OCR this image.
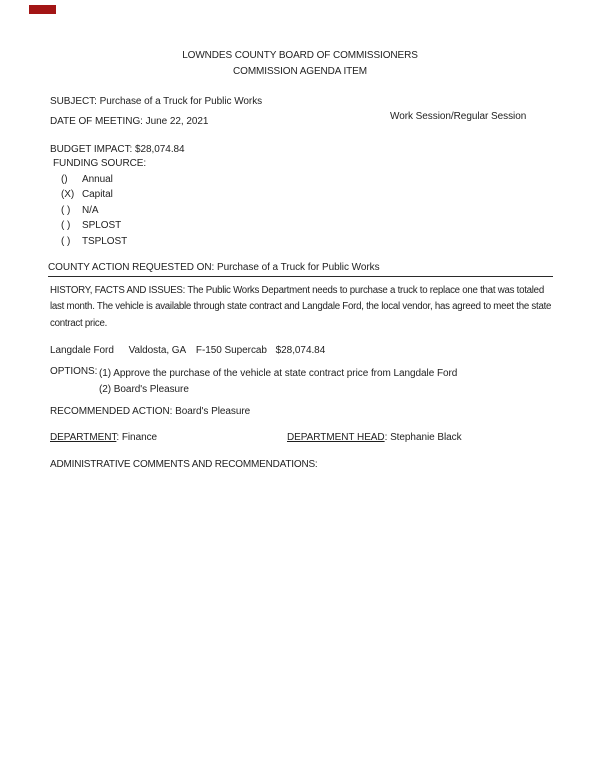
LOWNDES COUNTY BOARD OF COMMISSIONERS
COMMISSION AGENDA ITEM
SUBJECT: Purchase of a Truck for Public Works
DATE OF MEETING: June 22, 2021	Work Session/Regular Session
BUDGET IMPACT: $28,074.84
FUNDING SOURCE:
() Annual
(X) Capital
( ) N/A
( ) SPLOST
( ) TSPLOST
COUNTY ACTION REQUESTED ON: Purchase of a Truck for Public Works

HISTORY, FACTS AND ISSUES: The Public Works Department needs to purchase a truck to replace one that was totaled last month. The vehicle is available through state contract and Langdale Ford, the local vendor, has agreed to meet the state contract price.

Langdale Ford Valdosta, GA F-150 Supercab $28,074.84
OPTIONS: (1) Approve the purchase of the vehicle at state contract price from Langdale Ford
(2) Board's Pleasure
RECOMMENDED ACTION: Board's Pleasure
DEPARTMENT: Finance	DEPARTMENT HEAD: Stephanie Black
ADMINISTRATIVE COMMENTS AND RECOMMENDATIONS:
